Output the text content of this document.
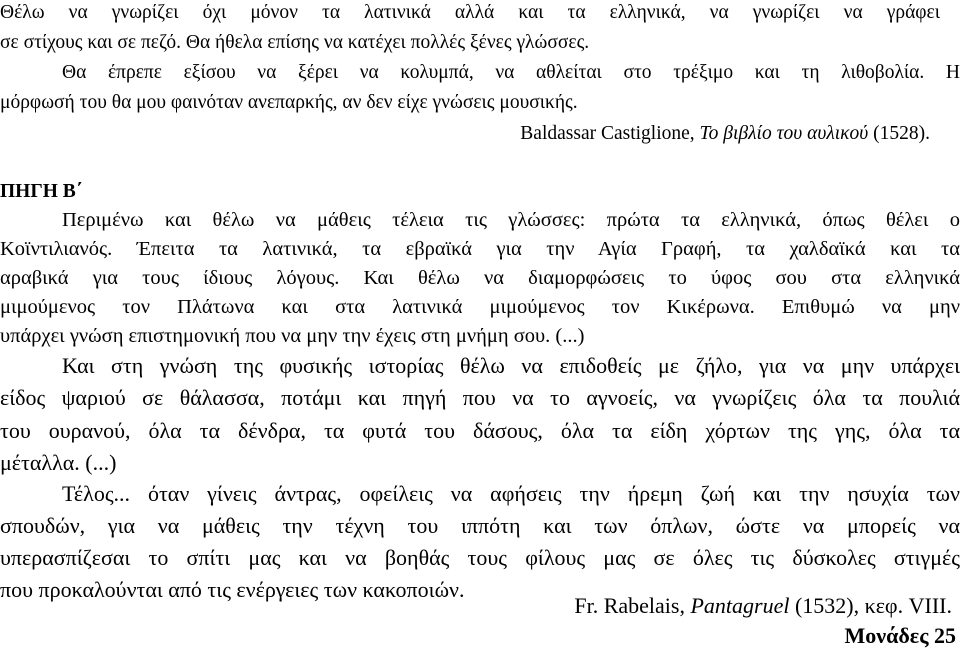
Θέλω να γνωρίζει όχι μόνον τα λατινικά αλλά και τα ελληνικά, να γνωρίζει να γράφει
σε στίχους και σε πεζό. Θα ήθελα επίσης να κατέχει πολλές ξένες γλώσσες.
Θα έπρεπε εξίσου να ξέρει να κολυμπά, να αθλείται στο τρέξιμο και τη λιθοβολία. Η
μόρφωσή του θα μου φαινόταν ανεπαρκής, αν δεν είχε γνώσεις μουσικής.
Baldassar Castiglione, Το βιβλίο του αυλικού (1528).
ΠΗΓΗ Β΄
Περιμένω και θέλω να μάθεις τέλεια τις γλώσσες: πρώτα τα ελληνικά, όπως θέλει ο
Κοϊντιλιανός. Έπειτα τα λατινικά, τα εβραϊκά για την Αγία Γραφή, τα χαλδαϊκά και τα
αραβικά για τους ίδιους λόγους. Και θέλω να διαμορφώσεις το ύφος σου στα ελληνικά
μιμούμενος τον Πλάτωνα και στα λατινικά μιμούμενος τον Κικέρωνα. Επιθυμώ να μην
υπάρχει γνώση επιστημονική που να μην την έχεις στη μνήμη σου. (...)
Και στη γνώση της φυσικής ιστορίας θέλω να επιδοθείς με ζήλο, για να μην υπάρχει
είδος ψαριού σε θάλασσα, ποτάμι και πηγή που να το αγνοείς, να γνωρίζεις όλα τα πουλιά
του ουρανού, όλα τα δένδρα, τα φυτά του δάσους, όλα τα είδη χόρτων της γης, όλα τα
μέταλλα. (...)
Τέλος... όταν γίνεις άντρας, οφείλεις να αφήσεις την ήρεμη ζωή και την ησυχία των
σπουδών, για να μάθεις την τέχνη του ιππότη και των όπλων, ώστε να μπορείς να
υπερασπίζεσαι το σπίτι μας και να βοηθάς τους φίλους μας σε όλες τις δύσκολες στιγμές
που προκαλούνται από τις ενέργειες των κακοποιών.
Fr. Rabelais, Pantagruel (1532), κεφ. VIII.
Μονάδες 25
